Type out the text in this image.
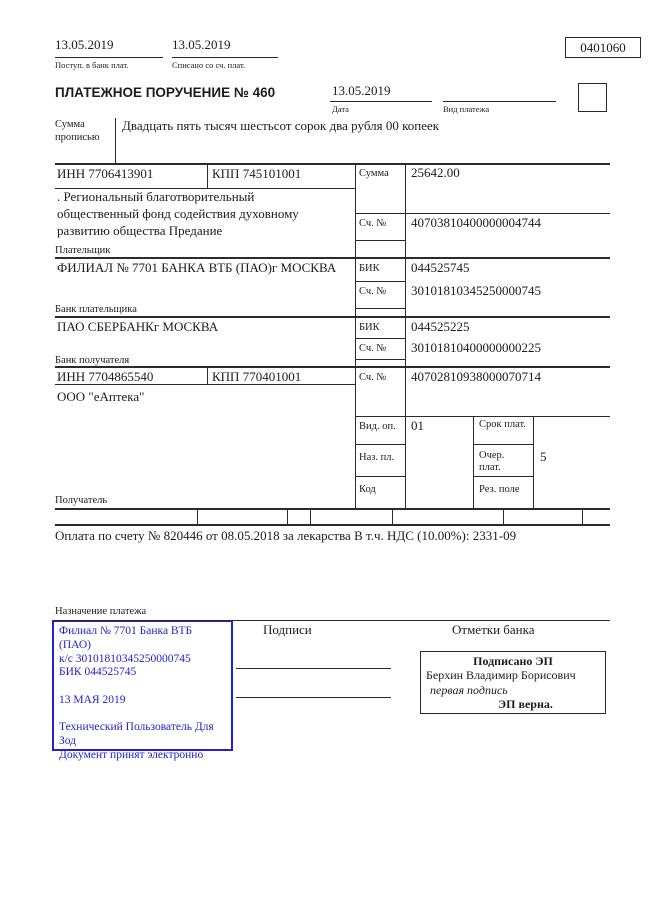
13.05.2019
Поступ. в банк плат.
13.05.2019
Списано со сч. плат.
0401060
ПЛАТЕЖНОЕ ПОРУЧЕНИЕ № 460	13.05.2019
Дата	Вид платежа
Сумма
прописью
Двадцать пять тысяч шестьсот сорок два рубля 00 копеек
ИНН 7706413901	КПП 745101001	Сумма 25642.00
. Региональный благотворительный
общественный фонд содействия духовному
развитию общества Предание	Сч. № 40703810400000004744
Плательщик
ФИЛИАЛ № 7701 БАНКА ВТБ (ПАО)г МОСКВА БИК 044525745
Сч. № 30101810345250000745
Банк плательщика
ПАО СБЕРБАНКг МОСКВА	БИК 044525225
Сч. № 30101810400000000225
Банк получателя
ИНН 7704865540	КПП 770401001	Сч. № 40702810938000070714
ООО "еАптека"
Вид. оп. 01	Срок плат.
Наз. пл.	Очер. плат.
5
Код	Рез. поле
Получатель
Оплата по счету № 820446 от 08.05.2018 за лекарства В т.ч. НДС (10.00%): 2331-09
Назначение платежа
Филиал № 7701 Банка ВТБ (ПАО)
к/с 30101810345250000745
БИК 044525745
13 МАЯ 2019
Технический Пользователь Для
Зод
Документ принят электронно
Подписи	Отметки банка
Подписано ЭП
Берхин Владимир Борисович
первая подпись
ЭП верна.
